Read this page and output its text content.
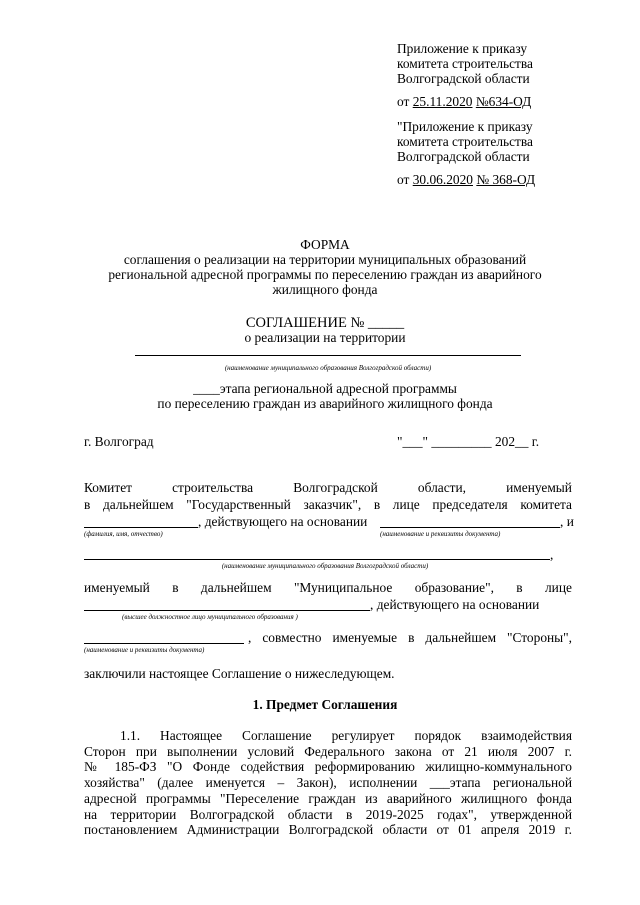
Приложение к приказу
комитета строительства
Волгоградской области
от 25.11.2020 №634-ОД
"Приложение к приказу
комитета строительства
Волгоградской области
от 30.06.2020 № 368-ОД
ФОРМА
соглашения о реализации на территории муниципальных образований
региональной адресной программы по переселению граждан из аварийного
жилищного фонда
СОГЛАШЕНИЕ № _____
о реализации на территории
(наименование муниципального образования Волгоградской области)
____этапа региональной адресной программы
по переселению граждан из аварийного жилищного фонда
г. Волгоград	"___" _________ 202__ г.
Комитет	строительства	Волгоградской	области,	именуемый
в дальнейшем "Государственный заказчик", в лице председателя комитета
, действующего на основании	, и
(фамилия, имя, отчество)	(наименование и реквизиты документа)
,
(наименование муниципального образования Волгоградской области)
именуемый в дальнейшем "Муниципальное образование", в лице
, действующего на основании
(высшее должностное лицо муниципального образования )
, совместно именуемые в дальнейшем "Стороны",
(наименование и реквизиты документа)
заключили настоящее Соглашение о нижеследующем.
1. Предмет Соглашения
1.1. Настоящее Соглашение регулирует порядок взаимодействия
Сторон при выполнении условий Федерального закона от 21 июля 2007 г.
№ 185-ФЗ "О Фонде содействия реформированию жилищно-коммунального
хозяйства" (далее именуется – Закон), исполнении ___этапа региональной
адресной программы "Переселение граждан из аварийного жилищного фонда
на территории Волгоградской области в 2019-2025 годах", утвержденной
постановлением Администрации Волгоградской области от 01 апреля 2019 г.
